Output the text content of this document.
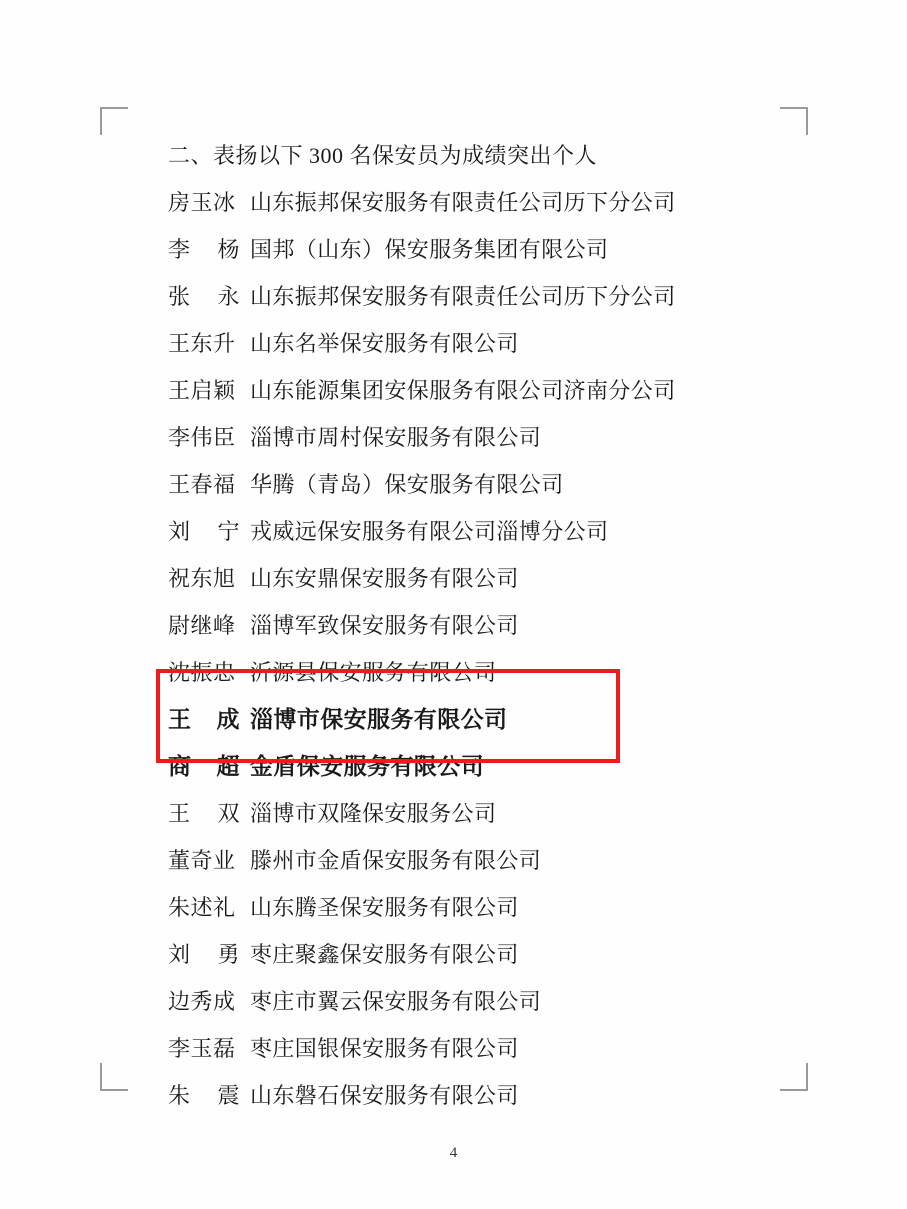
二、表扬以下 300 名保安员为成绩突出个人
房玉冰 山东振邦保安服务有限责任公司历下分公司
李　杨 国邦（山东）保安服务集团有限公司
张　永 山东振邦保安服务有限责任公司历下分公司
王东升 山东名举保安服务有限公司
王启颖 山东能源集团安保服务有限公司济南分公司
李伟臣 淄博市周村保安服务有限公司
王春福 华腾（青岛）保安服务有限公司
刘　宁 戎威远保安服务有限公司淄博分公司
祝东旭 山东安鼎保安服务有限公司
尉继峰 淄博军致保安服务有限公司
沈振忠 沂源县保安服务有限公司
王　成 淄博市保安服务有限公司
商　超 金盾保安服务有限公司
王　双 淄博市双隆保安服务公司
董奇业 滕州市金盾保安服务有限公司
朱述礼 山东腾圣保安服务有限公司
刘　勇 枣庄聚鑫保安服务有限公司
边秀成 枣庄市翼云保安服务有限公司
李玉磊 枣庄国银保安服务有限公司
朱　震 山东磐石保安服务有限公司
4
